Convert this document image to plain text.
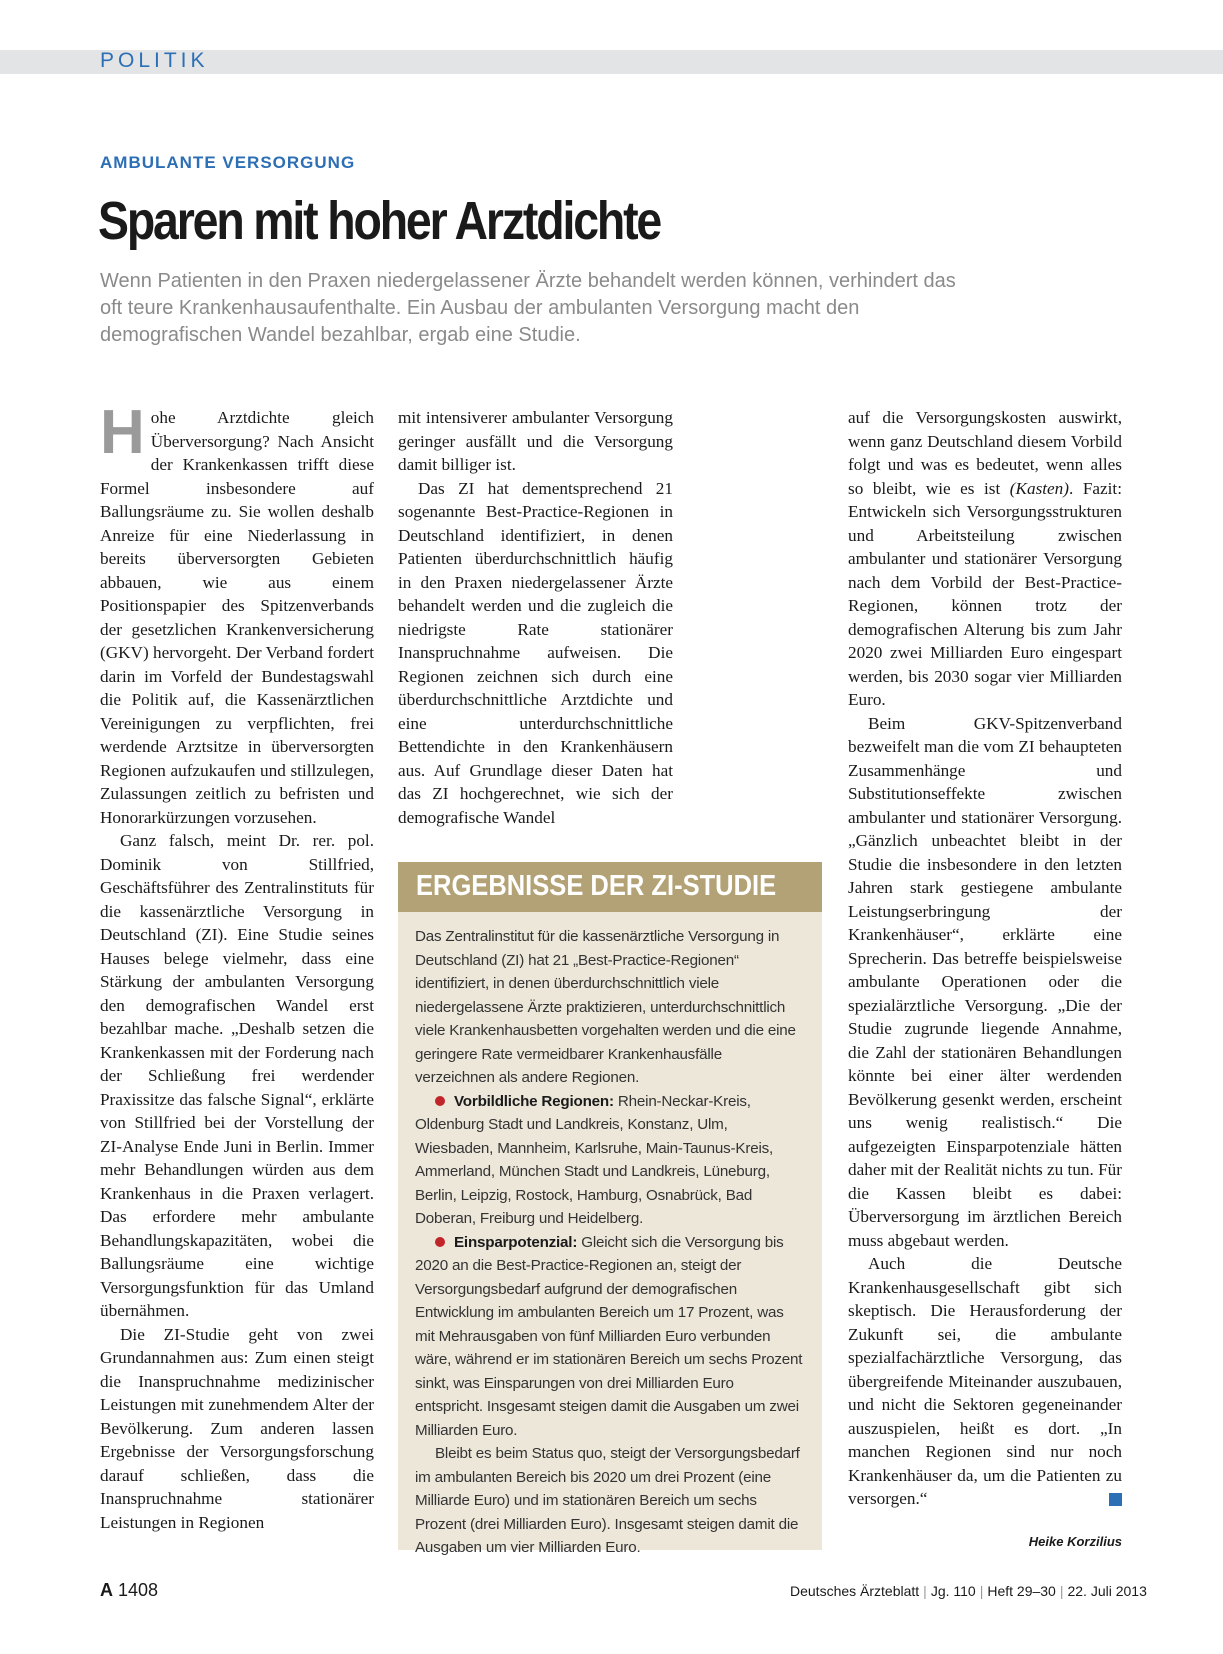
POLITIK
AMBULANTE VERSORGUNG
Sparen mit hoher Arztdichte
Wenn Patienten in den Praxen niedergelassener Ärzte behandelt werden können, verhindert das oft teure Krankenhausaufenthalte. Ein Ausbau der ambulanten Versorgung macht den demografischen Wandel bezahlbar, ergab eine Studie.

Hohe Arztdichte gleich Überversorgung? Nach Ansicht der Krankenkassen trifft diese Formel insbesondere auf Ballungsräume zu. Sie wollen deshalb Anreize für eine Niederlassung in bereits überversorgten Gebieten abbauen, wie aus einem Positionspapier des Spitzenverbands der gesetzlichen Krankenversicherung (GKV) hervorgeht. Der Verband fordert darin im Vorfeld der Bundestagswahl die Politik auf, die Kassenärztlichen Vereinigungen zu verpflichten, frei werdende Arztsitze in überversorgten Regionen aufzukaufen und stillzulegen, Zulassungen zeitlich zu befristen und Honorarkürzungen vorzusehen.

Ganz falsch, meint Dr. rer. pol. Dominik von Stillfried, Geschäftsführer des Zentralinstituts für die kassenärztliche Versorgung in Deutschland (ZI). Eine Studie seines Hauses belege vielmehr, dass eine Stärkung der ambulanten Versorgung den demografischen Wandel erst bezahlbar mache. „Deshalb setzen die Krankenkassen mit der Forderung nach der Schließung frei werdender Praxissitze das falsche Signal“, erklärte von Stillfried bei der Vorstellung der ZI-Analyse Ende Juni in Berlin. Immer mehr Behandlungen würden aus dem Krankenhaus in die Praxen verlagert. Das erfordere mehr ambulante Behandlungskapazitäten, wobei die Ballungsräume eine wichtige Versorgungsfunktion für das Umland übernähmen.

Die ZI-Studie geht von zwei Grundannahmen aus: Zum einen steigt die Inanspruchnahme medizinischer Leistungen mit zunehmendem Alter der Bevölkerung. Zum anderen lassen Ergebnisse der Versorgungsforschung darauf schließen, dass die Inanspruchnahme stationärer Leistungen in Regionen

mit intensiverer ambulanter Versorgung geringer ausfällt und die Versorgung damit billiger ist.

Das ZI hat dementsprechend 21 sogenannte Best-Practice-Regionen in Deutschland identifiziert, in denen Patienten überdurchschnittlich häufig in den Praxen niedergelassener Ärzte behandelt werden und die zugleich die niedrigste Rate stationärer Inanspruchnahme aufweisen. Die Regionen zeichnen sich durch eine überdurchschnittliche Arztdichte und eine unterdurchschnittliche Bettendichte in den Krankenhäusern aus. Auf Grundlage dieser Daten hat das ZI hochgerechnet, wie sich der demografische Wandel

ERGEBNISSE DER ZI-STUDIE

Das Zentralinstitut für die kassenärztliche Versorgung in Deutschland (ZI) hat 21 „Best-Practice-Regionen“ identifiziert, in denen überdurchschnittlich viele niedergelassene Ärzte praktizieren, unterdurchschnittlich viele Krankenhausbetten vorgehalten werden und die eine geringere Rate vermeidbarer Krankenhausfälle verzeichnen als andere Regionen.

Vorbildliche Regionen: Rhein-Neckar-Kreis, Oldenburg Stadt und Landkreis, Konstanz, Ulm, Wiesbaden, Mannheim, Karlsruhe, Main-Taunus-Kreis, Ammerland, München Stadt und Landkreis, Lüneburg, Berlin, Leipzig, Rostock, Hamburg, Osnabrück, Bad Doberan, Freiburg und Heidelberg.

Einsparpotenzial: Gleicht sich die Versorgung bis 2020 an die Best-Practice-Regionen an, steigt der Versorgungsbedarf aufgrund der demografischen Entwicklung im ambulanten Bereich um 17 Prozent, was mit Mehrausgaben von fünf Milliarden Euro verbunden wäre, während er im stationären Bereich um sechs Prozent sinkt, was Einsparungen von drei Milliarden Euro entspricht. Insgesamt steigen damit die Ausgaben um zwei Milliarden Euro.

Bleibt es beim Status quo, steigt der Versorgungsbedarf im ambulanten Bereich bis 2020 um drei Prozent (eine Milliarde Euro) und im stationären Bereich um sechs Prozent (drei Milliarden Euro). Insgesamt steigen damit die Ausgaben um vier Milliarden Euro.

auf die Versorgungskosten auswirkt, wenn ganz Deutschland diesem Vorbild folgt und was es bedeutet, wenn alles so bleibt, wie es ist (Kasten). Fazit: Entwickeln sich Versorgungsstrukturen und Arbeitsteilung zwischen ambulanter und stationärer Versorgung nach dem Vorbild der Best-Practice-Regionen, können trotz der demografischen Alterung bis zum Jahr 2020 zwei Milliarden Euro eingespart werden, bis 2030 sogar vier Milliarden Euro.

Beim GKV-Spitzenverband bezweifelt man die vom ZI behaupteten Zusammenhänge und Substitutionseffekte zwischen ambulanter und stationärer Versorgung. „Gänzlich unbeachtet bleibt in der Studie die insbesondere in den letzten Jahren stark gestiegene ambulante Leistungserbringung der Krankenhäuser“, erklärte eine Sprecherin. Das betreffe beispielsweise ambulante Operationen oder die spezialärztliche Versorgung. „Die der Studie zugrunde liegende Annahme, die Zahl der stationären Behandlungen könnte bei einer älter werdenden Bevölkerung gesenkt werden, erscheint uns wenig realistisch.“ Die aufgezeigten Einsparpotenziale hätten daher mit der Realität nichts zu tun. Für die Kassen bleibt es dabei: Überversorgung im ärztlichen Bereich muss abgebaut werden.

Auch die Deutsche Krankenhausgesellschaft gibt sich skeptisch. Die Herausforderung der Zukunft sei, die ambulante spezialfachärztliche Versorgung, das übergreifende Miteinander auszubauen, und nicht die Sektoren gegeneinander auszuspielen, heißt es dort. „In manchen Regionen sind nur noch Krankenhäuser da, um die Patienten zu versorgen.“

Heike Korzilius
A 1408	Deutsches Ärzteblatt | Jg. 110 | Heft 29–30 | 22. Juli 2013
